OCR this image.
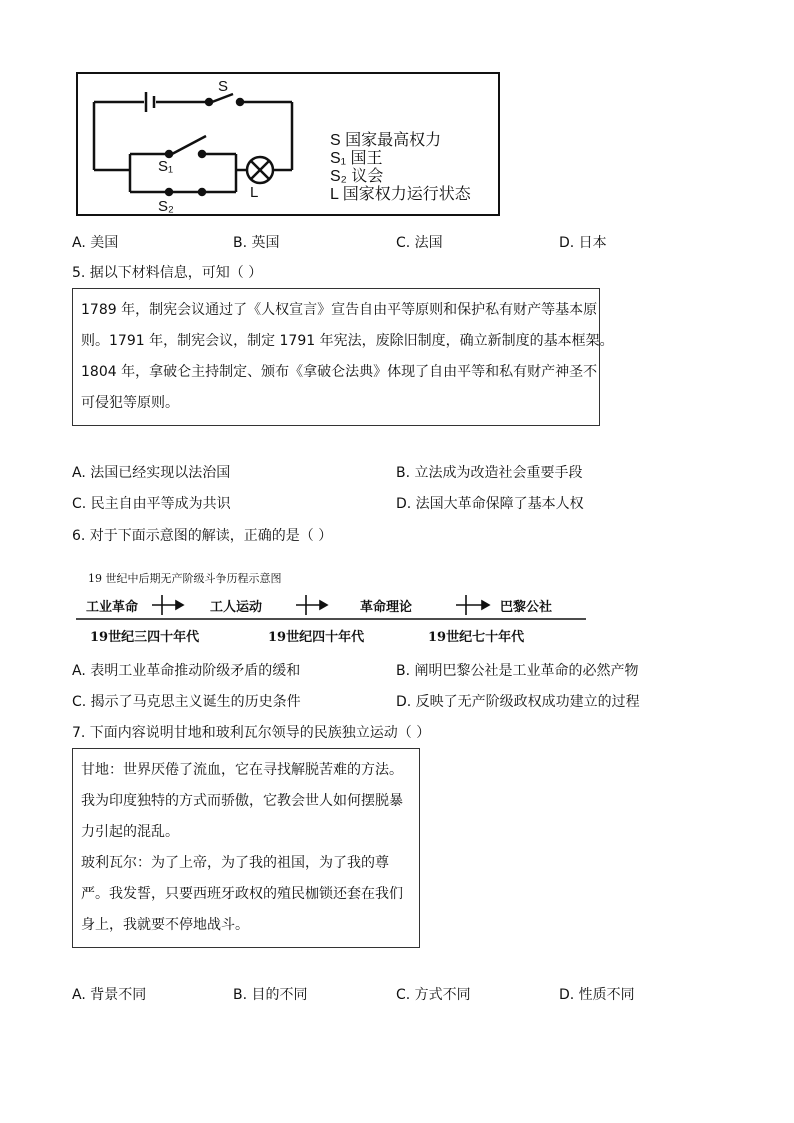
S
S₁
S₂
L
S 国家最高权力
S₁ 国王
S₂ 议会
L 国家权力运行状态
A. 美国	B. 英国	C. 法国	D. 日本
5. 据以下材料信息，可知（ ）
1789 年，制宪会议通过了《人权宣言》宣告自由平等原则和保护私有财产等基本原
则。1791 年，制宪会议，制定 1791 年宪法，废除旧制度，确立新制度的基本框架。
1804 年，拿破仑主持制定、颁布《拿破仑法典》体现了自由平等和私有财产神圣不
可侵犯等原则。
A. 法国已经实现以法治国	B. 立法成为改造社会重要手段
C. 民主自由平等成为共识	D. 法国大革命保障了基本人权
6. 对于下面示意图的解读，正确的是（ ）
19 世纪中后期无产阶级斗争历程示意图
工业革命	工人运动	革命理论	巴黎公社
19世纪三四十年代	19世纪四十年代	19世纪七十年代
A. 表明工业革命推动阶级矛盾的缓和	B. 阐明巴黎公社是工业革命的必然产物
C. 揭示了马克思主义诞生的历史条件	D. 反映了无产阶级政权成功建立的过程
7. 下面内容说明甘地和玻利瓦尔领导的民族独立运动（ ）
甘地：世界厌倦了流血，它在寻找解脱苦难的方法。
我为印度独特的方式而骄傲，它教会世人如何摆脱暴
力引起的混乱。
玻利瓦尔：为了上帝，为了我的祖国，为了我的尊
严。我发誓，只要西班牙政权的殖民枷锁还套在我们
身上，我就要不停地战斗。
A. 背景不同	B. 目的不同	C. 方式不同	D. 性质不同
